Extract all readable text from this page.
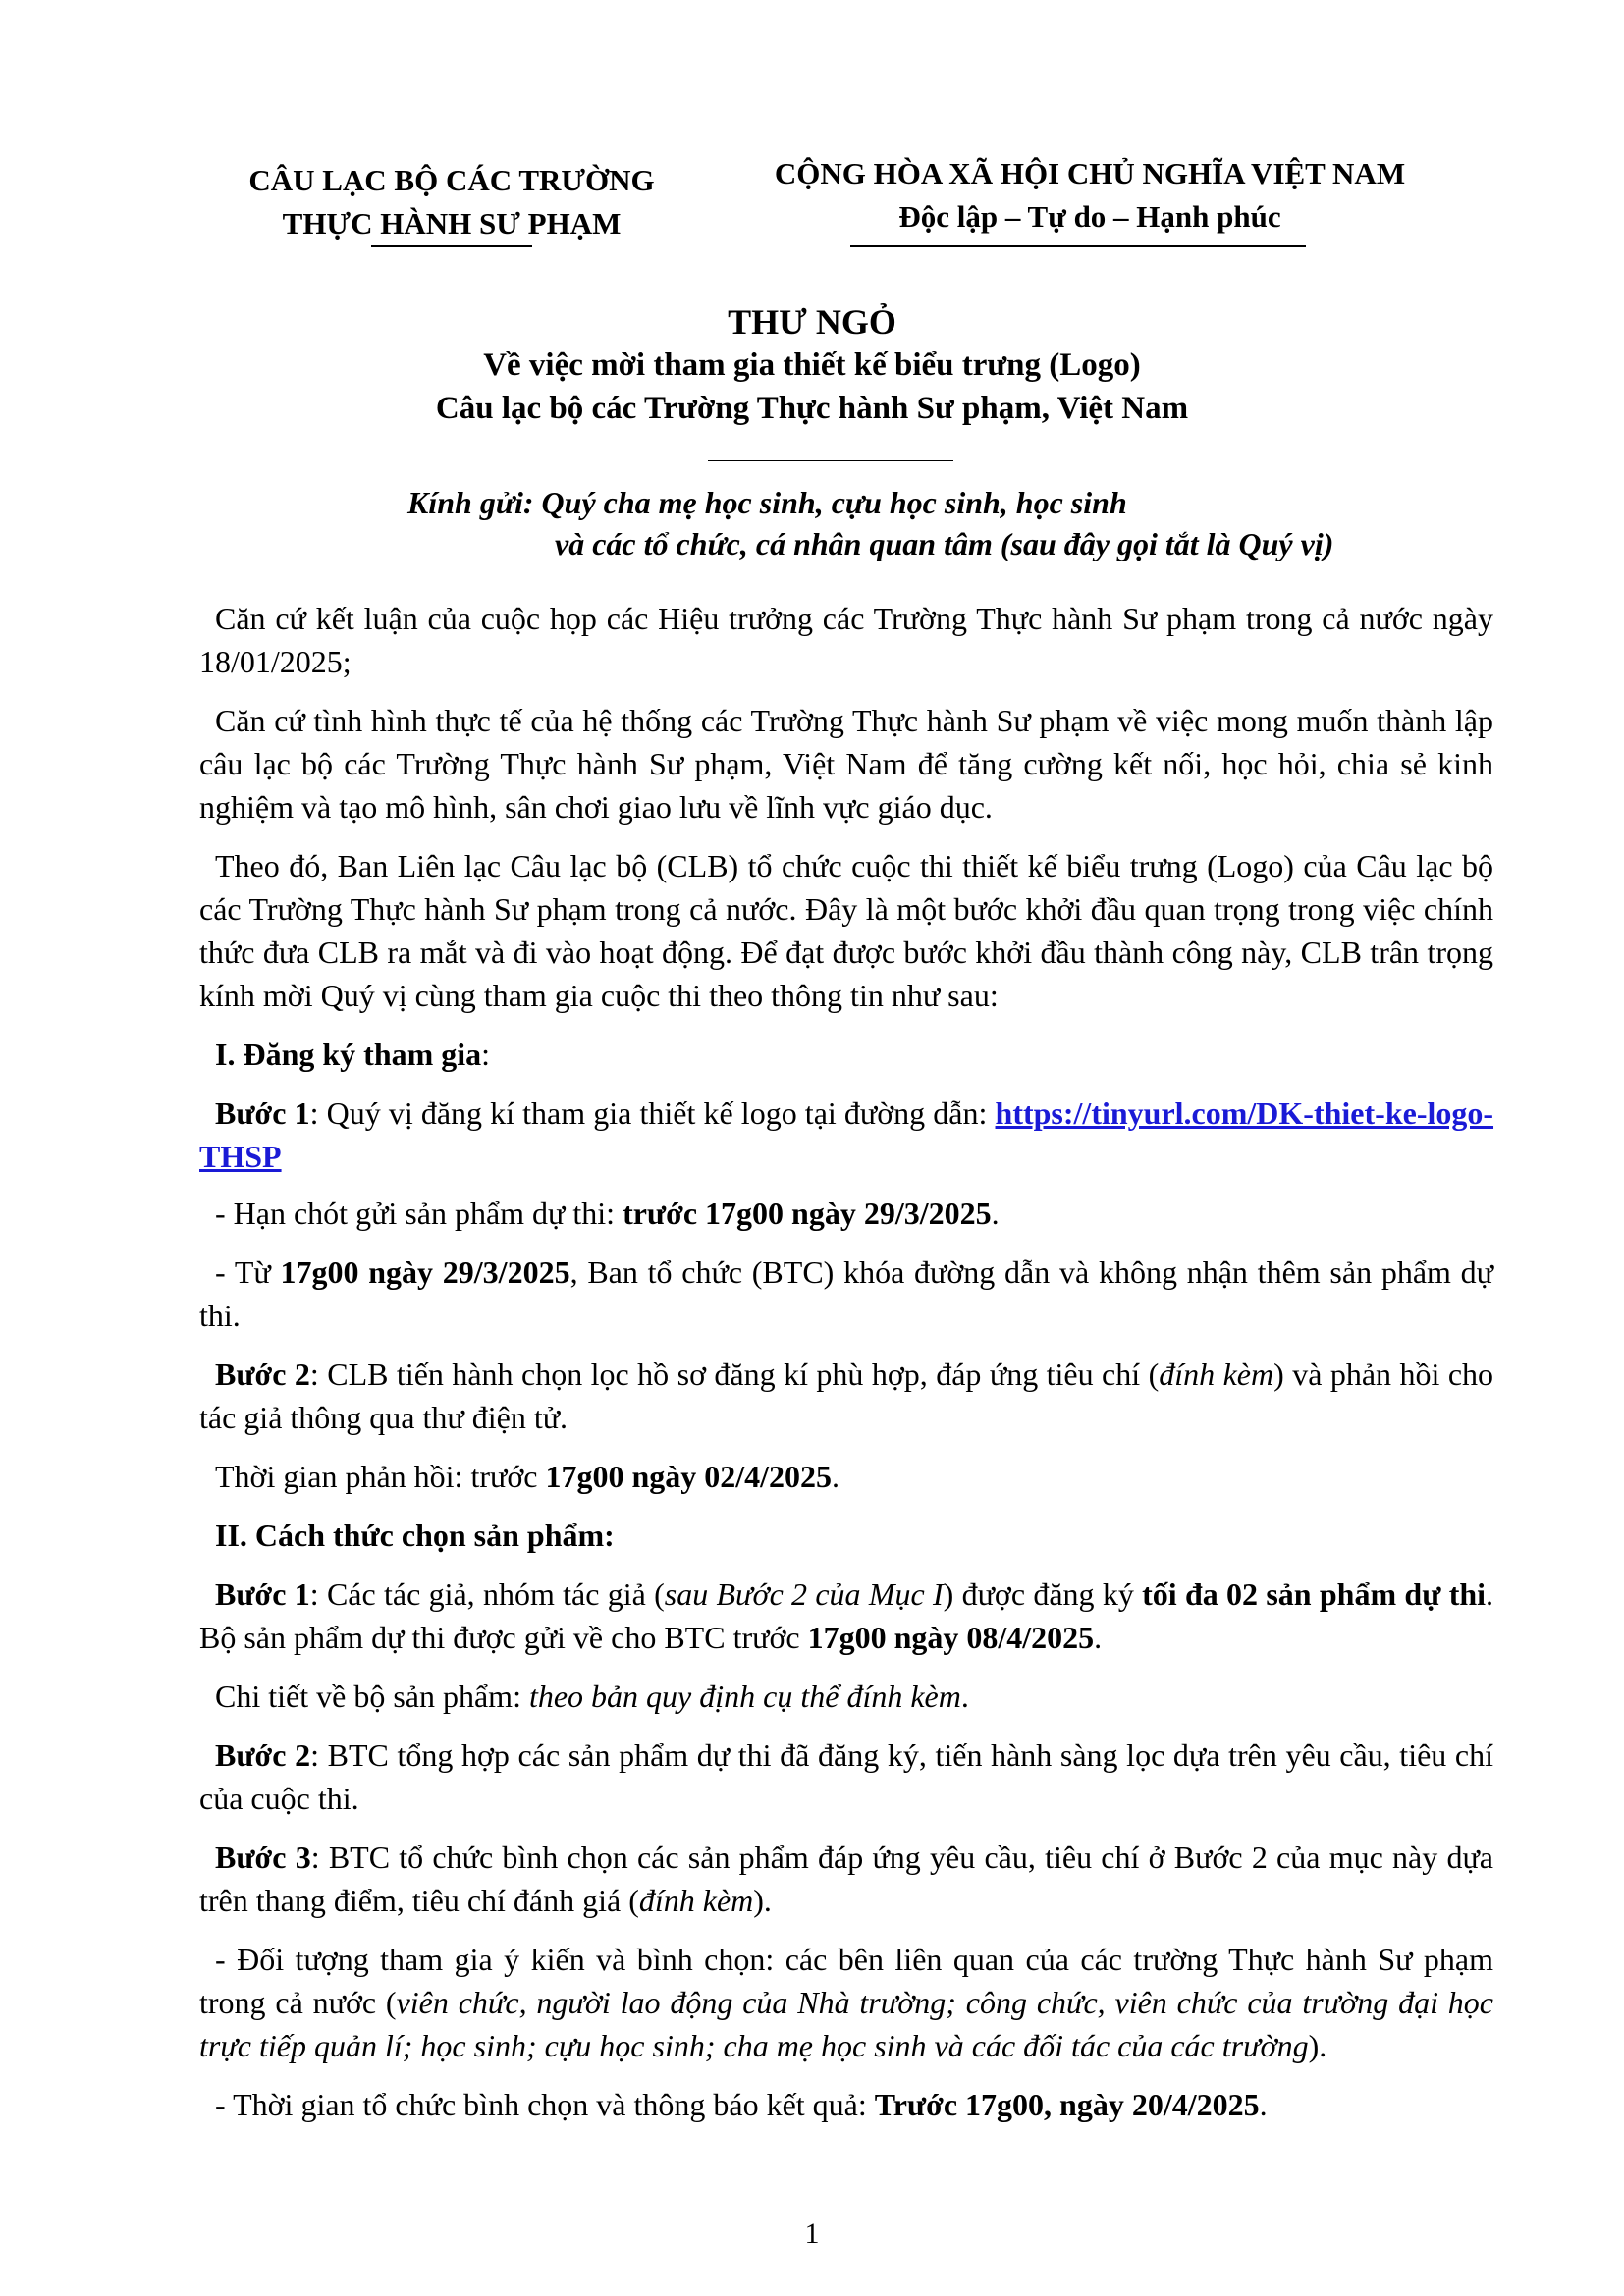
CÂU LẠC BỘ CÁC TRƯỜNG
THỰC HÀNH SƯ PHẠM
CỘNG HÒA XÃ HỘI CHỦ NGHĨA VIỆT NAM
Độc lập – Tự do – Hạnh phúc
THƯ NGỎ
Về việc mời tham gia thiết kế biểu trưng (Logo)
Câu lạc bộ các Trường Thực hành Sư phạm, Việt Nam
Kính gửi: Quý cha mẹ học sinh, cựu học sinh, học sinh
và các tổ chức, cá nhân quan tâm (sau đây gọi tắt là Quý vị)

Căn cứ kết luận của cuộc họp các Hiệu trưởng các Trường Thực hành Sư phạm trong cả nước ngày 18/01/2025;

Căn cứ tình hình thực tế của hệ thống các Trường Thực hành Sư phạm về việc mong muốn thành lập câu lạc bộ các Trường Thực hành Sư phạm, Việt Nam để tăng cường kết nối, học hỏi, chia sẻ kinh nghiệm và tạo mô hình, sân chơi giao lưu về lĩnh vực giáo dục.

Theo đó, Ban Liên lạc Câu lạc bộ (CLB) tổ chức cuộc thi thiết kế biểu trưng (Logo) của Câu lạc bộ các Trường Thực hành Sư phạm trong cả nước. Đây là một bước khởi đầu quan trọng trong việc chính thức đưa CLB ra mắt và đi vào hoạt động. Để đạt được bước khởi đầu thành công này, CLB trân trọng kính mời Quý vị cùng tham gia cuộc thi theo thông tin như sau:

I. Đăng ký tham gia:

Bước 1: Quý vị đăng kí tham gia thiết kế logo tại đường dẫn: https://tinyurl.com/DK-thiet-ke-logo-THSP

- Hạn chót gửi sản phẩm dự thi: trước 17g00 ngày 29/3/2025.

- Từ 17g00 ngày 29/3/2025, Ban tổ chức (BTC) khóa đường dẫn và không nhận thêm sản phẩm dự thi.

Bước 2: CLB tiến hành chọn lọc hồ sơ đăng kí phù hợp, đáp ứng tiêu chí (đính kèm) và phản hồi cho tác giả thông qua thư điện tử.

Thời gian phản hồi: trước 17g00 ngày 02/4/2025.

II. Cách thức chọn sản phẩm:

Bước 1: Các tác giả, nhóm tác giả (sau Bước 2 của Mục I) được đăng ký tối đa 02 sản phẩm dự thi. Bộ sản phẩm dự thi được gửi về cho BTC trước 17g00 ngày 08/4/2025.

Chi tiết về bộ sản phẩm: theo bản quy định cụ thể đính kèm.

Bước 2: BTC tổng hợp các sản phẩm dự thi đã đăng ký, tiến hành sàng lọc dựa trên yêu cầu, tiêu chí của cuộc thi.

Bước 3: BTC tổ chức bình chọn các sản phẩm đáp ứng yêu cầu, tiêu chí ở Bước 2 của mục này dựa trên thang điểm, tiêu chí đánh giá (đính kèm).

- Đối tượng tham gia ý kiến và bình chọn: các bên liên quan của các trường Thực hành Sư phạm trong cả nước (viên chức, người lao động của Nhà trường; công chức, viên chức của trường đại học trực tiếp quản lí; học sinh; cựu học sinh; cha mẹ học sinh và các đối tác của các trường).

- Thời gian tổ chức bình chọn và thông báo kết quả: Trước 17g00, ngày 20/4/2025.

1
